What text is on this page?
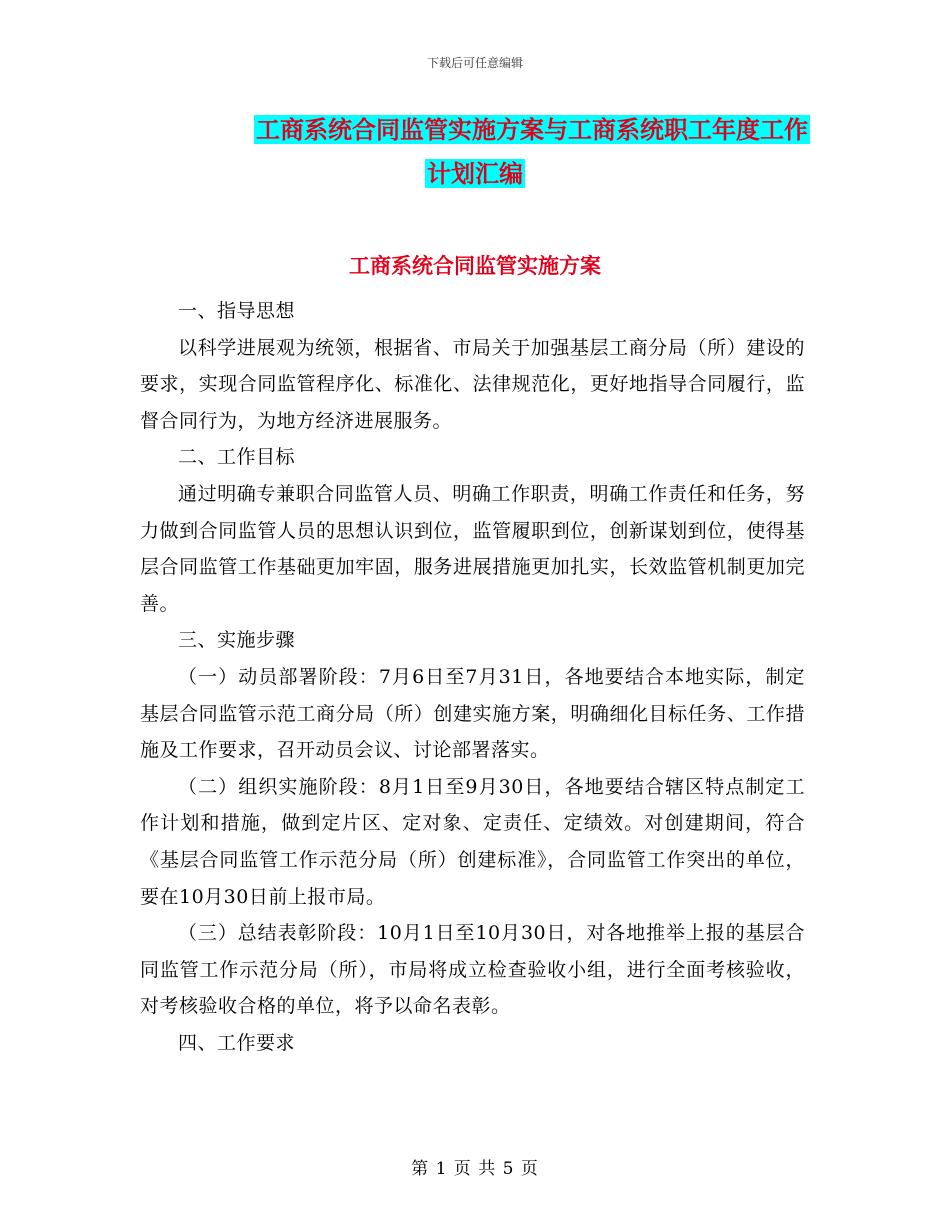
下载后可任意编辑
工商系统合同监管实施方案与工商系统职工年度工作
计划汇编
工商系统合同监管实施方案

一、指导思想

以科学进展观为统领，根据省、市局关于加强基层工商分局（所）建设的要求，实现合同监管程序化、标准化、法律规范化，更好地指导合同履行，监督合同行为，为地方经济进展服务。

二、工作目标

通过明确专兼职合同监管人员、明确工作职责，明确工作责任和任务，努力做到合同监管人员的思想认识到位，监管履职到位，创新谋划到位，使得基层合同监管工作基础更加牢固，服务进展措施更加扎实，长效监管机制更加完善。

三、实施步骤

（一）动员部署阶段：7月6日至7月31日，各地要结合本地实际，制定基层合同监管示范工商分局（所）创建实施方案，明确细化目标任务、工作措施及工作要求，召开动员会议、讨论部署落实。

（二）组织实施阶段：8月1日至9月30日，各地要结合辖区特点制定工作计划和措施，做到定片区、定对象、定责任、定绩效。对创建期间，符合《基层合同监管工作示范分局（所）创建标准》，合同监管工作突出的单位，要在10月30日前上报市局。

（三）总结表彰阶段：10月1日至10月30日，对各地推举上报的基层合同监管工作示范分局（所），市局将成立检查验收小组，进行全面考核验收，对考核验收合格的单位，将予以命名表彰。

四、工作要求

第 1 页 共 5 页
